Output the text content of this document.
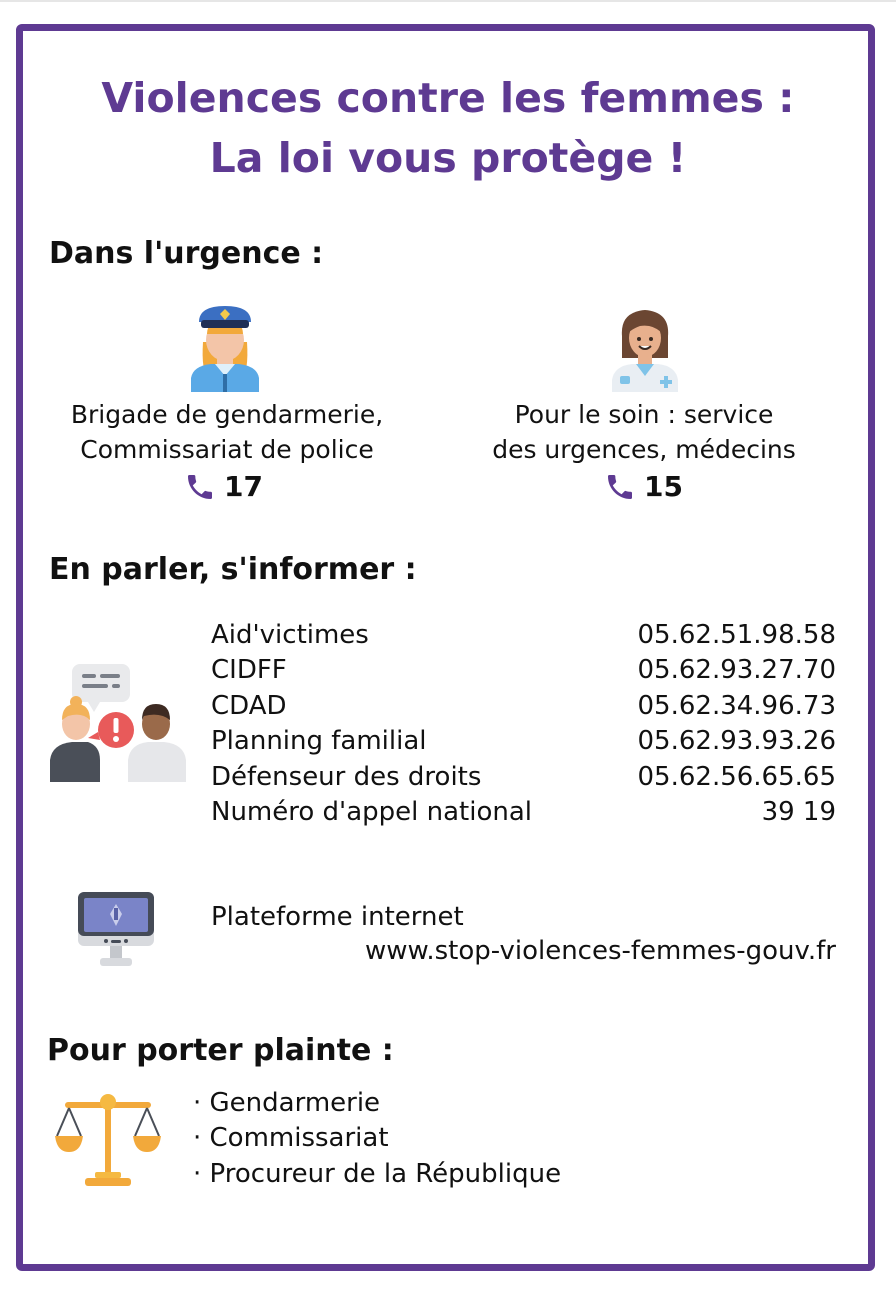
Violences contre les femmes :
La loi vous protège !
Dans l'urgence :
Brigade de gendarmerie,
Commissariat de police
17
Pour le soin : service
des urgences, médecins
15
En parler, s'informer :
Aid'victimes	05.62.51.98.58
CIDFF	05.62.93.27.70
CDAD	05.62.34.96.73
Planning familial	05.62.93.93.26
Défenseur des droits	05.62.56.65.65
Numéro d'appel national	39 19
Plateforme internet
www.stop-violences-femmes-gouv.fr
Pour porter plainte :
· Gendarmerie
· Commissariat
· Procureur de la République
